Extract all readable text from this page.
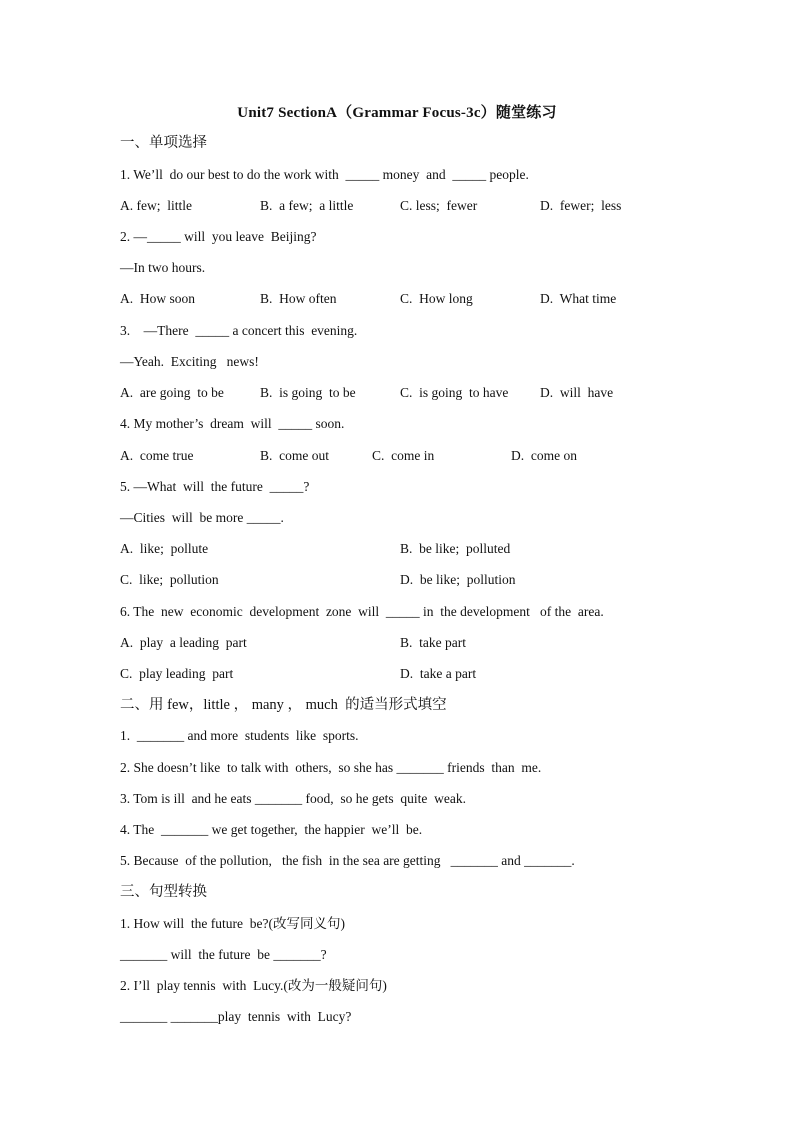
Unit7 SectionA（Grammar Focus-3c）随堂练习
一、单项选择
1. We’ll  do our best to do the work with  _____ money  and  _____ people.
A. few;  little	B.  a few;  a little	C. less;  fewer	D.  fewer;  less
2. —_____ will  you leave  Beijing?
—In two hours.
A.  How soon	B.  How often	C.  How long	D.  What time
3.    —There  _____ a concert this  evening.
—Yeah.  Exciting   news!
A.  are going  to be	B.  is going  to be	C.  is going  to have D.  will  have
4. My mother’s  dream  will  _____ soon.
A.  come true	B.  come out	C.  come in	D.  come on
5. —What  will  the future  _____?
—Cities  will  be more _____.
A.  like;  pollute	B.  be like;  polluted
C.  like;  pollution	D.  be like;  pollution
6. The  new  economic  development  zone  will  _____ in  the development   of the  area.
A.  play  a leading  part	B.  take part
C.  play leading  part	D.  take a part
二、用 few，little ， many ， much  的适当形式填空
1.  _______ and more  students  like  sports.
2. She doesn’t like  to talk with  others,  so she has _______ friends  than  me.
3. Tom is ill  and he eats _______ food,  so he gets  quite  weak.
4. The  _______ we get together,  the happier  we’ll  be.
5. Because  of the pollution,   the fish  in the sea are getting   _______ and _______.
三、句型转换
1. How will  the future  be?(改写同义句)
_______ will  the future  be _______?
2. I’ll  play tennis  with  Lucy.(改为一般疑问句)
_______ _______play  tennis  with  Lucy?
